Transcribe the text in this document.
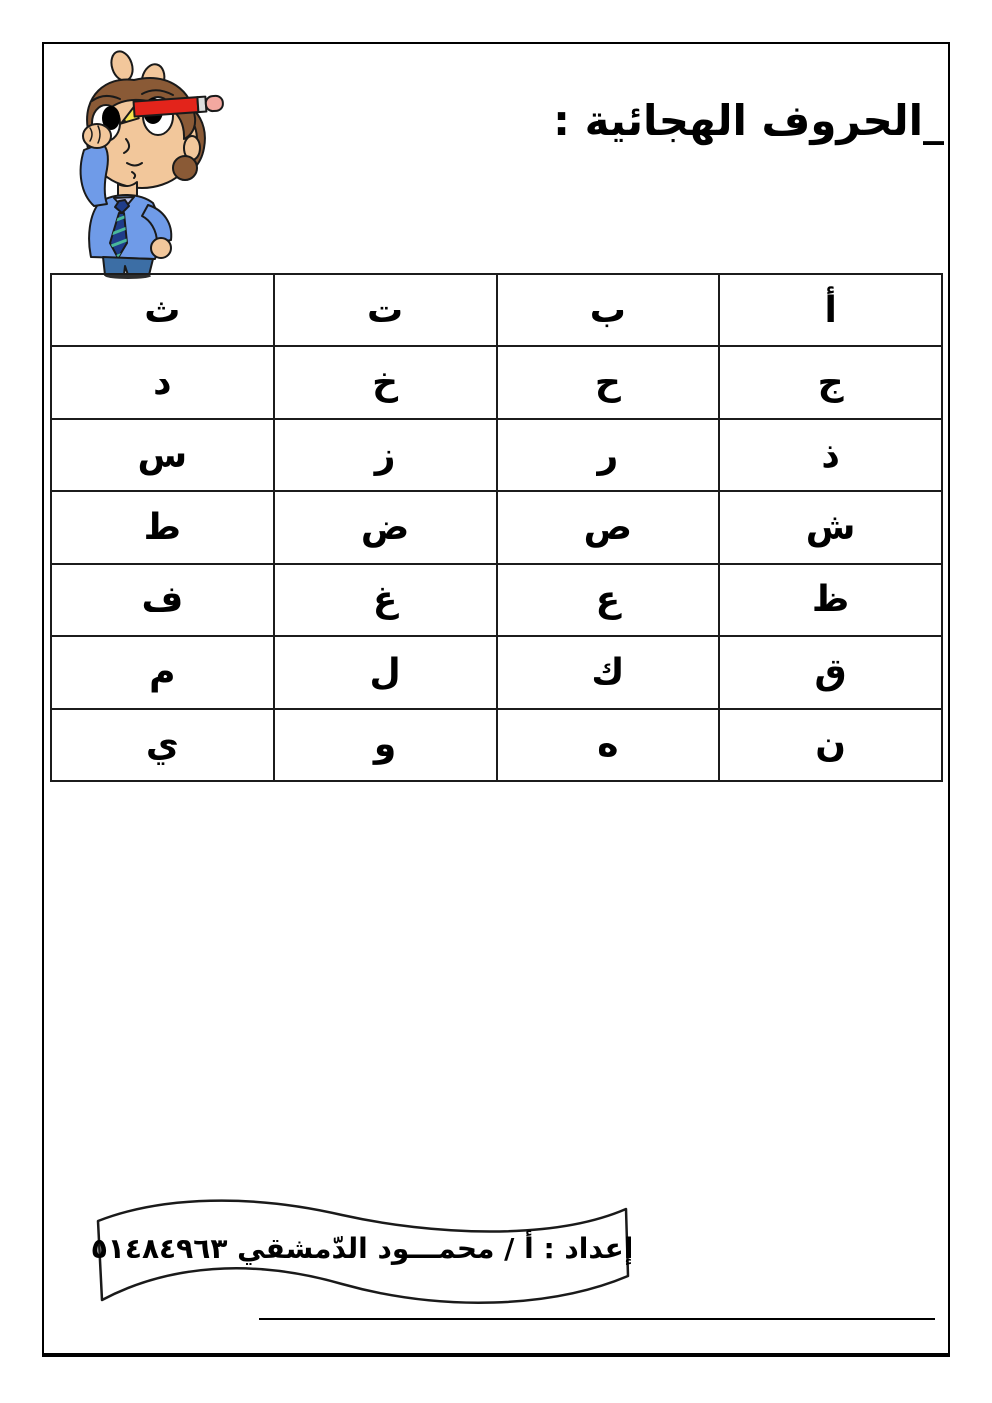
_الحروف الهجائية :
أ	ب	ت	ث
ج	ح	خ	د
ذ	ر	ز	س
ش	ص	ض	ط
ظ	ع	غ	ف
ق	ك	ل	م
ن	ه	و	ي
إعداد : أ / محمـــود الدّمشقي ٥١٤٨٤٩٦٣
